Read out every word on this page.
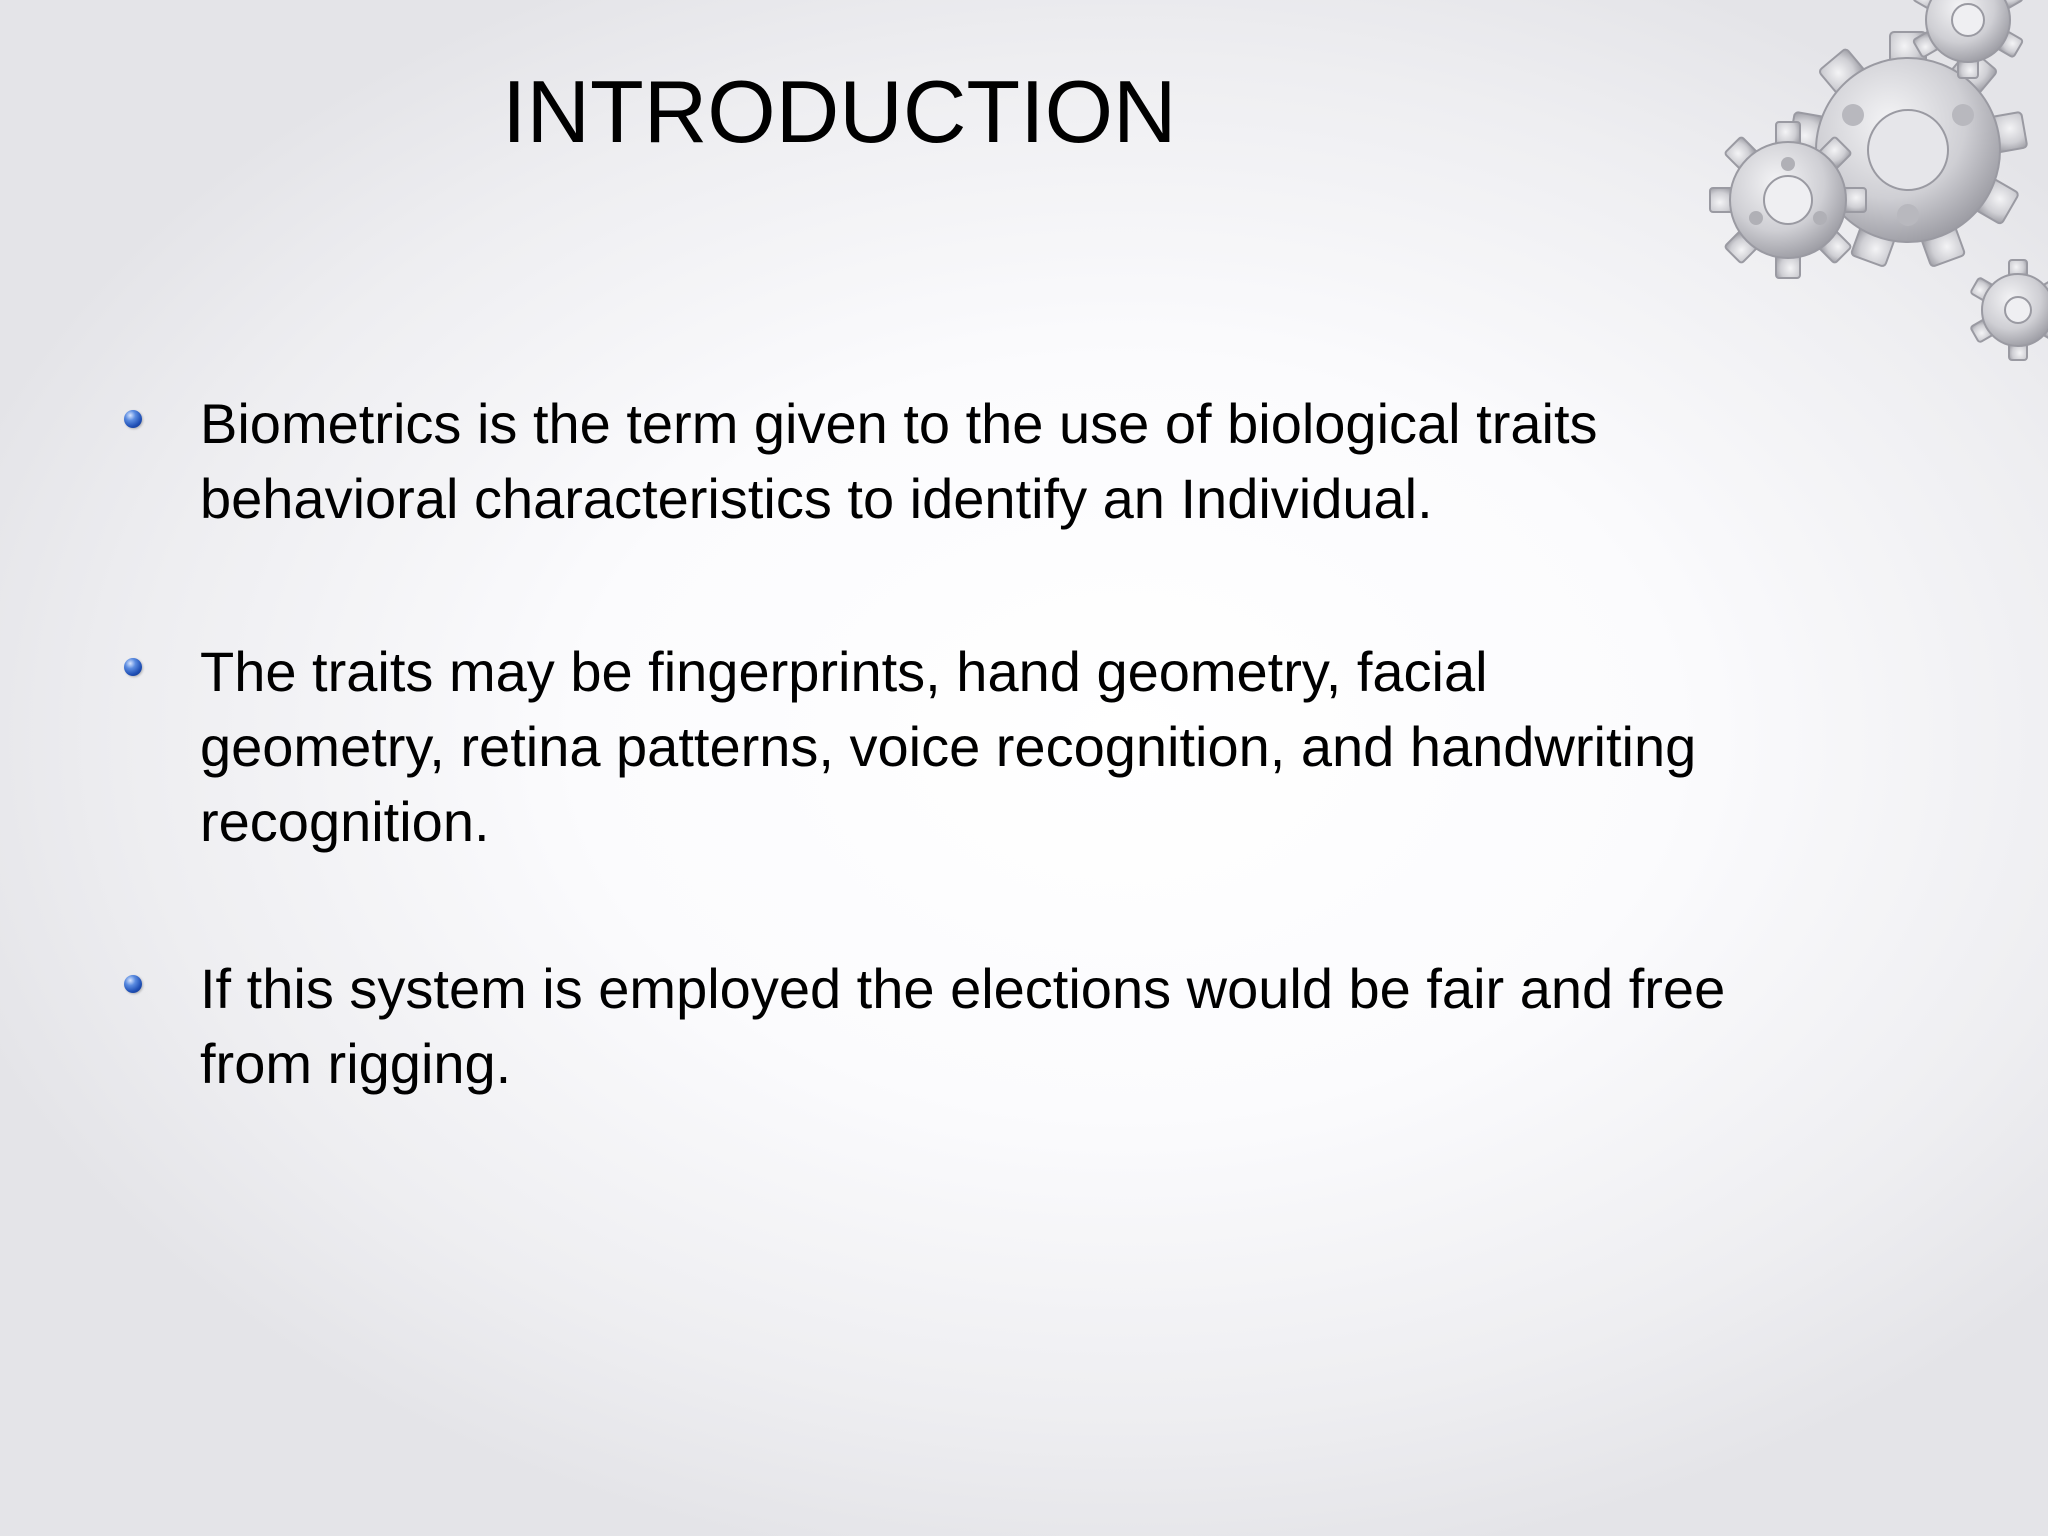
INTRODUCTION
Biometrics is the term given to the use of biological traits
behavioral characteristics to identify an Individual.
The traits may be fingerprints, hand geometry, facial
geometry, retina patterns, voice recognition, and handwriting
recognition.
If this system is employed the elections would be fair and free
from rigging.
